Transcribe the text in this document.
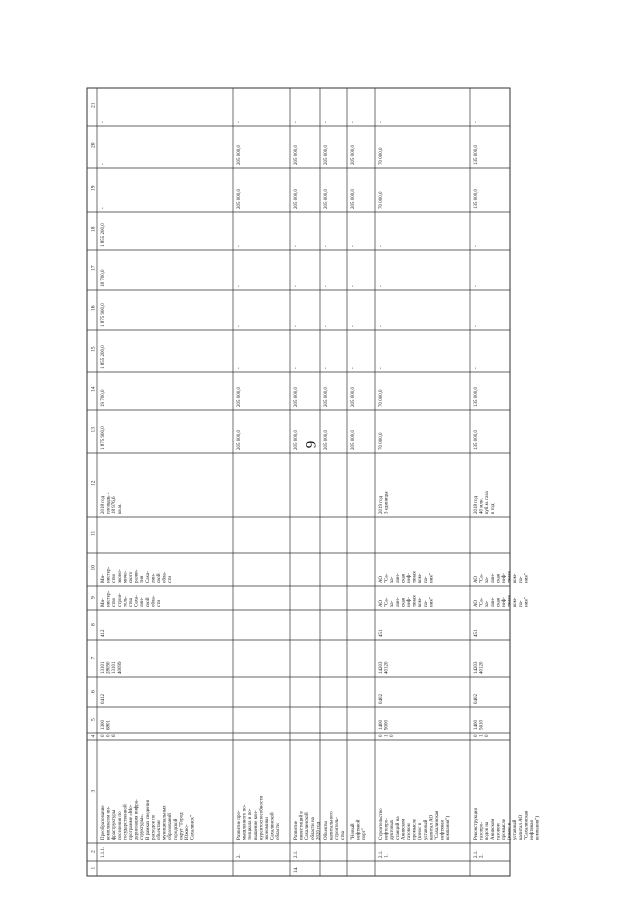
9
1
2
3
4
5
6
7
8
9
10
11
12
13
14
15
16
17
18
19
20
21
1.1.1.
Преобразованиекомплексом ин-фраструктурыпоселения погосударственнойпрограмме «Мо-дернизация инфра-структуры».В рамках сведениярасходов пообъектаммуниципальныхобразованийгородскойокруг "ГородЮжно-Сахалинск"
006
13006801
0412
13101280901310140099
412
Ми-нистер-ствострои-тель-стваСаха-лин-скойобла-сти
Ми-нистер-ствоэконо-миче-скогоразви-тияСаха-лин-скойобла-сти
2018 годплощадь -18 976,6кв.м.
1 875 900,0
19 700,0
1 855 200,0
1 875 900,0
18 700,0
1 855 200,0
-
-
-
2.
Развитие про-мышленного по-тенциала и по-вышение кон-курентоспособностиэкономикиСахалинскойобласти
205 000,0
205 000,0
-
-
-
-
205 000,0
205 000,0
-
14.
2.1.
Развитиеинвестиций вСахалинскойобласти на2020 год
205 000,0
205 000,0
-
-
-
-
205 000,0
205 000,0
-
Объектыкапитальногостроитель-ства
205 000,0
205 000,0
-
-
-
-
205 000,0
205 000,0
-
"Новыйнефтянойпорт"
205 000,0
205 000,0
-
-
-
-
205 000,0
205 000,0
-
2.1.1.
Строительствонефтепро-дуктовыхстанций наАнивскомгазовомпромысле(взнос вуставныйкапитал АО"Сахалинскаянефтянаякомпания")
010
14009000
0402
1420340120
451
АО"Са-ха-лин-скаянеф-тянаяком-па-ния"
АО"Са-ха-лин-скаянеф-тянаяком-па-ния"
2019 год3 единицы
70 000,0
70 000,0
-
-
-
-
70 000,0
70 000,0
-
2.1.2.
Реконструкциягазопро-водов наАнивскомгазовомпромысле(взнос вуставныйкапитал АО"Сахалинскаянефтянаякомпания")
010
14005610
0402
1420340120
451
АО"Са-ха-лин-скаянеф-тянаяком-па-ния"
АО"Са-ха-лин-скаянеф-тянаяком-па-ния"
2018 год40 млн.куб.м. газав год
135 000,0
135 000,0
-
-
-
-
135 000,0
135 000,0
-
